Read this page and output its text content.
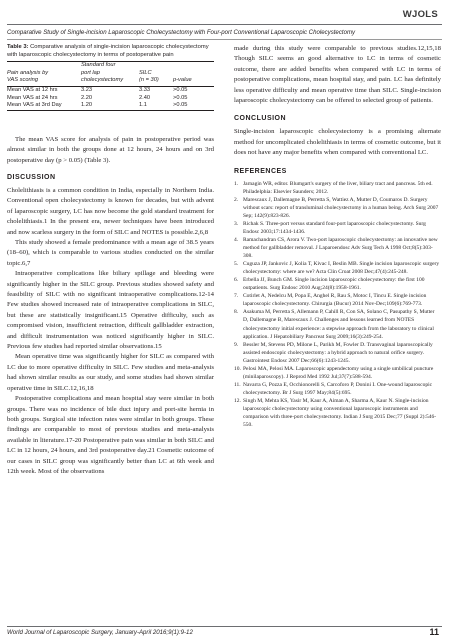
WJOLS
Comparative Study of Single-incision Laparoscopic Cholecystectomy with Four-port Conventional Laparoscopic Cholecystectomy
Table 3: Comparative analysis of single-incision laparoscopic cholecystectomy with laparoscopic cholecystectomy in terms of postoperative pain
Pain analysis by
VAS scoring
Standard four
port lap
cholecystectomy
SILC
(n = 30)	p-value
Mean VAS at 12 hrs	3.23	3.33	>0.05
Mean VAS at 24 hrs	2.20	2.40	>0.05
Mean VAS at 3rd Day	1.20	1.1	>0.05

The mean VAS score for analysis of pain in postoperative period was almost similar in both the groups done at 12 hours, 24 hours and on 3rd postoperative day (p > 0.05) (Table 3).

DISCUSSION

Cholelithiasis is a common condition in India, especially in Northern India. Conventional open cholecystectomy is known for decades, but with advent of laparoscopic surgery, LC has now become the gold standard treatment for cholelithiasis.1 In the present era, newer techniques have been introduced and now scarless surgery in the form of SILC and NOTES is possible.2,6,8

This study showed a female predominance with a mean age of 38.5 years (18–60), which is comparable to various studies conducted on the similar topic.6,7

Intraoperative complications like biliary spillage and bleeding were significantly higher in the SILC group. Previous studies showed safety and feasibility of SILC with no significant intraoperative complications.12-14 Few studies showed increased rate of intraoperative complications in SILC, but these are statistically insignificant.15 Operative difficulty, such as compromised vision, insufficient retraction, difficult gallbladder extraction, and difficult instrumentation was noticed significantly higher in SILC. Previous few studies had reported similar observations.15

Mean operative time was significantly higher for SILC as compared with LC due to more operative difficulty in SILC. Few studies and meta-analysis had shown similar results as our study, and some studies had shown similar operative time in SILC.12,16,18

Postoperative complications and mean hospital stay were similar in both groups. There was no incidence of bile duct injury and port-site hernia in both groups. Surgical site infection rates were similar in both groups. These findings are comparable to most of previous studies and meta-analysis available in literature.17-20 Postoperative pain was similar in both SILC and LC in 12 hours, 24 hours, and 3rd postoperative day.21 Cosmetic outcome of our cases in SILC group was significantly better than LC at 6th week and 12th week. Most of the observations

made during this study were comparable to previous studies.12,15,18 Though SILC seems an good alternative to LC in terms of cosmetic outcome, there are added benefits when compared with LC in terms of postoperative complications, mean hospital stay, and pain. LC has definitely less operative difficulty and mean operative time than SILC. Single-incision laparoscopic cholecystectomy can be offered to selected group of patients.

CONCLUSION

Single-incision laparoscopic cholecystectomy is a promising alternate method for uncomplicated cholelithiasis in terms of cosmetic outcome, but it does not have any major benefits when compared with conventional LC.

REFERENCES
1. Jarnagin WR, editor. Blumgart's surgery of the liver, biliary tract and pancreas. 5th ed. Philadelphia: Elsevier Saunders; 2012.
2. Marescaux J, Dallemagne B, Perretta S, Wattiez A, Mutter D, Coumaros D. Surgery without scars: report of transluminal cholecystectomy in a human being. Arch Surg 2007 Sep; 142(9):823-826.
3. Richak S. Three-port versus standard four-port laparoscopic cholecystectomy. Surg Endosc 2003;17:1434-1436.
4. Ramachandran CS, Arora V. Two-port laparoscopic cholecystectomy: an innovative new method for gallbladder removal. J Laparoendosc Adv Surg Tech A 1998 Oct;8(5):303-308.
5. Cuguza JP, Jankovic J, Kolia T, Kivac I, Beslin MB. Single incision laparoscopic surgery cholecystectomy: where are we? Acta Clin Croat 2008 Dec;47(4):245-248.
6. Erbella JJ, Bunch GM. Single incision laparoscopic cholecystectomy: the first 100 outpatients. Surg Endosc 2010 Aug;24(8):1958-1961.
7. Cotirlet A, Nedelcu M, Popa E, Anghel R, Rau S, Motoc I, Tincu E. Single incision laparoscopic cholecystectomy. Chirurgia (Bucur) 2014 Nov-Dec;109(6):769-773.
8. Asakuma M, Perretta S, Allemann P, Cahill R, Con SA, Solano C, Pasupathy S, Mutter D, Dallemagne B, Marescaux J. Challenges and lessons learned from NOTES cholecystectomy initial experience: a stepwise approach from the laboratory to clinical application. J Hepatobiliary Pancreat Surg 2009;16(3):249-254.
9. Bessler M, Stevens PD, Milone L, Parikh M, Fowler D. Transvaginal laparoscopically assisted endoscopic cholecystectomy: a hybrid approach to natural orifice surgery. Gastrointest Endosc 2007 Dec;66(6):1243-1245.
10. Pelosi MA, Pelosi MA. Laparoscopic appendectomy using a single umbilical puncture (minilaparoscopy). J Reprod Med 1992 Jul;37(7):588-594.
11. Navarra G, Pozza E, Occhionorelli S, Carcoforo P, Donini I. One-wound laparoscopic cholecystectomy. Br J Surg 1997 May;84(5):695.
12. Singh M, Mehta KS, Yasir M, Kaur A, Aiman A, Sharma A, Kaur N. Single-incision laparoscopic cholecystectomy using conventional laparoscopic instruments and comparison with three-port cholecystectomy. Indian J Surg 2015 Dec;77 (Suppl 2):546-550.
World Journal of Laparoscopic Surgery, January-April 2016;9(1):9-12	11
